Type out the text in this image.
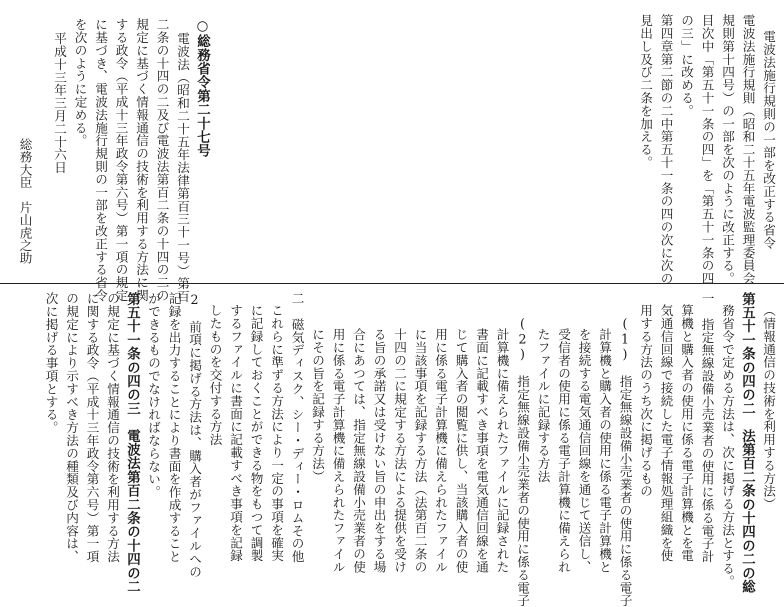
電波法施行規則の一部を改正する省令
電波法施行規則（昭和二十五年電波監理委員会
規則第十四号）の一部を次のように改正する。
目次中「第五十一条の四」を「第五十一条の四
の三」に改める。
第四章第二節の二中第五十一条の四の次に次の
見出し及び二条を加える。
○総務省令第二十七号
電波法（昭和二十五年法律第百三十一号）第百
二条の十四の二及び電波法第百二条の十四の二の
規定に基づく情報通信の技術を利用する方法に関
する政令（平成十三年政令第六号）第一項の規定
に基づき、電波法施行規則の一部を改正する省令
を次のように定める。
平成十三年三月二十六日
総務大臣　片山虎之助
（情報通信の技術を利用する方法）
第五十一条の四の二　法第百二条の十四の二の総
務省令で定める方法は、次に掲げる方法とする。
一　指定無線設備小売業者の使用に係る電子計
算機と購入者の使用に係る電子計算機とを電
気通信回線で接続した電子情報処理組織を使
用する方法のうち次に掲げるもの
(1)　指定無線設備小売業者の使用に係る電子
計算機と購入者の使用に係る電子計算機と
を接続する電気通信回線を通じて送信し、
受信者の使用に係る電子計算機に備えられ
たファイルに記録する方法
(2)　指定無線設備小売業者の使用に係る電子
計算機に備えられたファイルに記録された
書面に記載すべき事項を電気通信回線を通
じて購入者の閲覧に供し、当該購入者の使
用に係る電子計算機に備えられたファイル
に当該事項を記録する方法（法第百二条の
十四の二に規定する方法による提供を受け
る旨の承諾又は受けない旨の申出をする場
合にあつては、指定無線設備小売業者の使
用に係る電子計算機に備えられたファイル
にその旨を記録する方法）
二　磁気ディスク、シー・ディー・ロムその他
これらに準ずる方法により一定の事項を確実
に記録しておくことができる物をもつて調製
するファイルに書面に記載すべき事項を記録
したものを交付する方法
2　前項に掲げる方法は、購入者がファイルへの
記録を出力することにより書面を作成すること
ができるものでなければならない。
第五十一条の四の三　電波法第百二条の十四の二
の規定に基づく情報通信の技術を利用する方法
に関する政令（平成十三年政令第六号）第一項
の規定により示すべき方法の種類及び内容は、
次に掲げる事項とする。
